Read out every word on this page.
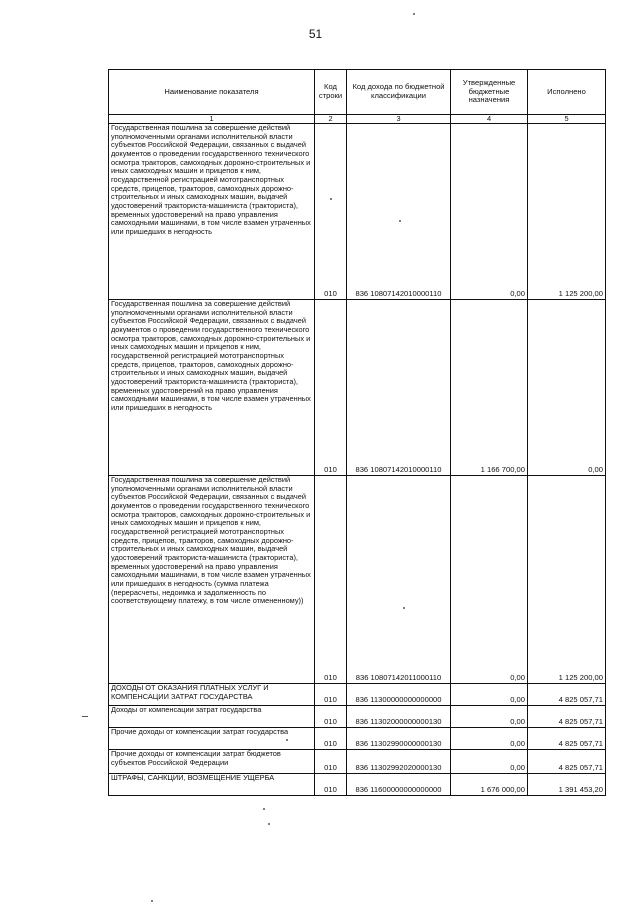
51
Наименование показателя	Код строки	Код дохода по бюджетной классификации	Утвержденные бюджетные назначения	Исполнено
1	2	3	4	5
Государственная пошлина за совершение действий уполномоченными органами исполнительной власти субъектов Российской Федерации, связанных с выдачей документов о проведении государственного технического осмотра тракторов, самоходных дорожно-строительных и иных самоходных машин и прицепов к ним, государственной регистрацией мототранспортных средств, прицепов, тракторов, самоходных дорожно-строительных и иных самоходных машин, выдачей удостоверений тракториста-машиниста (тракториста), временных удостоверений на право управления самоходными машинами, в том числе взамен утраченных или пришедших в негодность	010	836 10807142010000110	0,00	1 125 200,00
Государственная пошлина за совершение действий уполномоченными органами исполнительной власти субъектов Российской Федерации, связанных с выдачей документов о проведении государственного технического осмотра тракторов, самоходных дорожно-строительных и иных самоходных машин и прицепов к ним, государственной регистрацией мототранспортных средств, прицепов, тракторов, самоходных дорожно-строительных и иных самоходных машин, выдачей удостоверений тракториста-машиниста (тракториста), временных удостоверений на право управления самоходными машинами, в том числе взамен утраченных или пришедших в негодность	010	836 10807142010000110	1 166 700,00	0,00
Государственная пошлина за совершение действий уполномоченными органами исполнительной власти субъектов Российской Федерации, связанных с выдачей документов о проведении государственного технического осмотра тракторов, самоходных дорожно-строительных и иных самоходных машин и прицепов к ним, государственной регистрацией мототранспортных средств, прицепов, тракторов, самоходных дорожно-строительных и иных самоходных машин, выдачей удостоверений тракториста-машиниста (тракториста), временных удостоверений на право управления самоходными машинами, в том числе взамен утраченных или пришедших в негодность (сумма платежа (перерасчеты, недоимка и задолженность по соответствующему платежу, в том числе отмененному))	010	836 10807142011000110	0,00	1 125 200,00
ДОХОДЫ ОТ ОКАЗАНИЯ ПЛАТНЫХ УСЛУГ И КОМПЕНСАЦИИ ЗАТРАТ ГОСУДАРСТВА	010	836 11300000000000000	0,00	4 825 057,71
Доходы от компенсации затрат государства	010	836 11302000000000130	0,00	4 825 057,71
Прочие доходы от компенсации затрат государства	010	836 11302990000000130	0,00	4 825 057,71
Прочие доходы от компенсации затрат бюджетов субъектов Российской Федерации	010	836 11302992020000130	0,00	4 825 057,71
ШТРАФЫ, САНКЦИИ, ВОЗМЕЩЕНИЕ УЩЕРБА	010	836 11600000000000000	1 676 000,00	1 391 453,20
